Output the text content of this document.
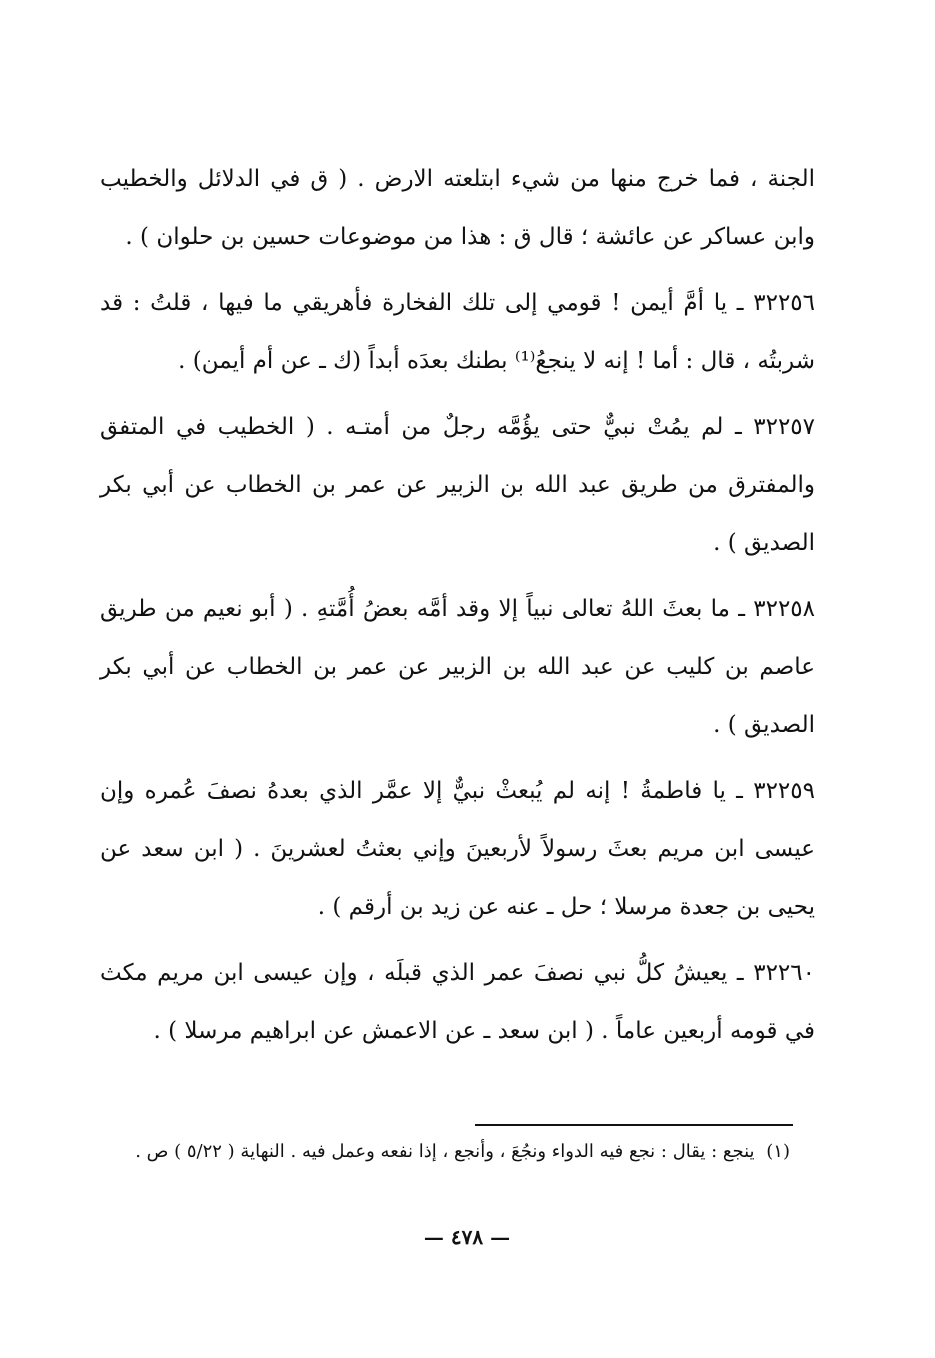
الجنة ، فما خرج منها من شيء ابتلعته الارض . ( ق في الدلائل والخطيب وابن عساكر عن عائشة ؛ قال ق : هذا من موضوعات حسين بن حلوان ) .

٣٢٢٥٦ ـ يا أمَّ أيمن ! قومي إلى تلك الفخارة فأهريقي ما فيها ، قلتُ : قد شربتُه ، قال : أما ! إنه لا ينجعُ⁽¹⁾ بطنك بعدَه أبداً (ك ـ عن أم أيمن) .

٣٢٢٥٧ ـ لم يمُتْ نبيٌّ حتى يؤُمَّه رجلٌ من أمتـه . ( الخطيب في المتفق والمفترق من طريق عبد الله بن الزبير عن عمر بن الخطاب عن أبي بكر الصديق ) .

٣٢٢٥٨ ـ ما بعثَ اللهُ تعالى نبياً إلا وقد أمَّه بعضُ أُمَّتهِ . ( أبو نعيم من طريق عاصم بن كليب عن عبد الله بن الزبير عن عمر بن الخطاب عن أبي بكر الصديق ) .

٣٢٢٥٩ ـ يا فاطمةُ ! إنه لم يُبعثْ نبيٌّ إلا عمَّر الذي بعدهُ نصفَ عُمره وإن عيسى ابن مريم بعثَ رسولاً لأربعينَ وإني بعثتُ لعشرينَ . ( ابن سعد عن يحيى بن جعدة مرسلا ؛ حل ـ عنه عن زيد بن أرقم ) .

٣٢٢٦٠ ـ يعيشُ كلُّ نبي نصفَ عمر الذي قبلَه ، وإن عيسى ابن مريم مكث في قومه أربعين عاماً . ( ابن سعد ـ عن الاعمش عن ابراهيم مرسلا ) .

(١) ينجع : يقال : نجع فيه الدواء ونجُعَ ، وأنجع ، إذا نفعه وعمل فيه . النهاية ( ٥/٢٢ ) ص .
— ٤٧٨ —
